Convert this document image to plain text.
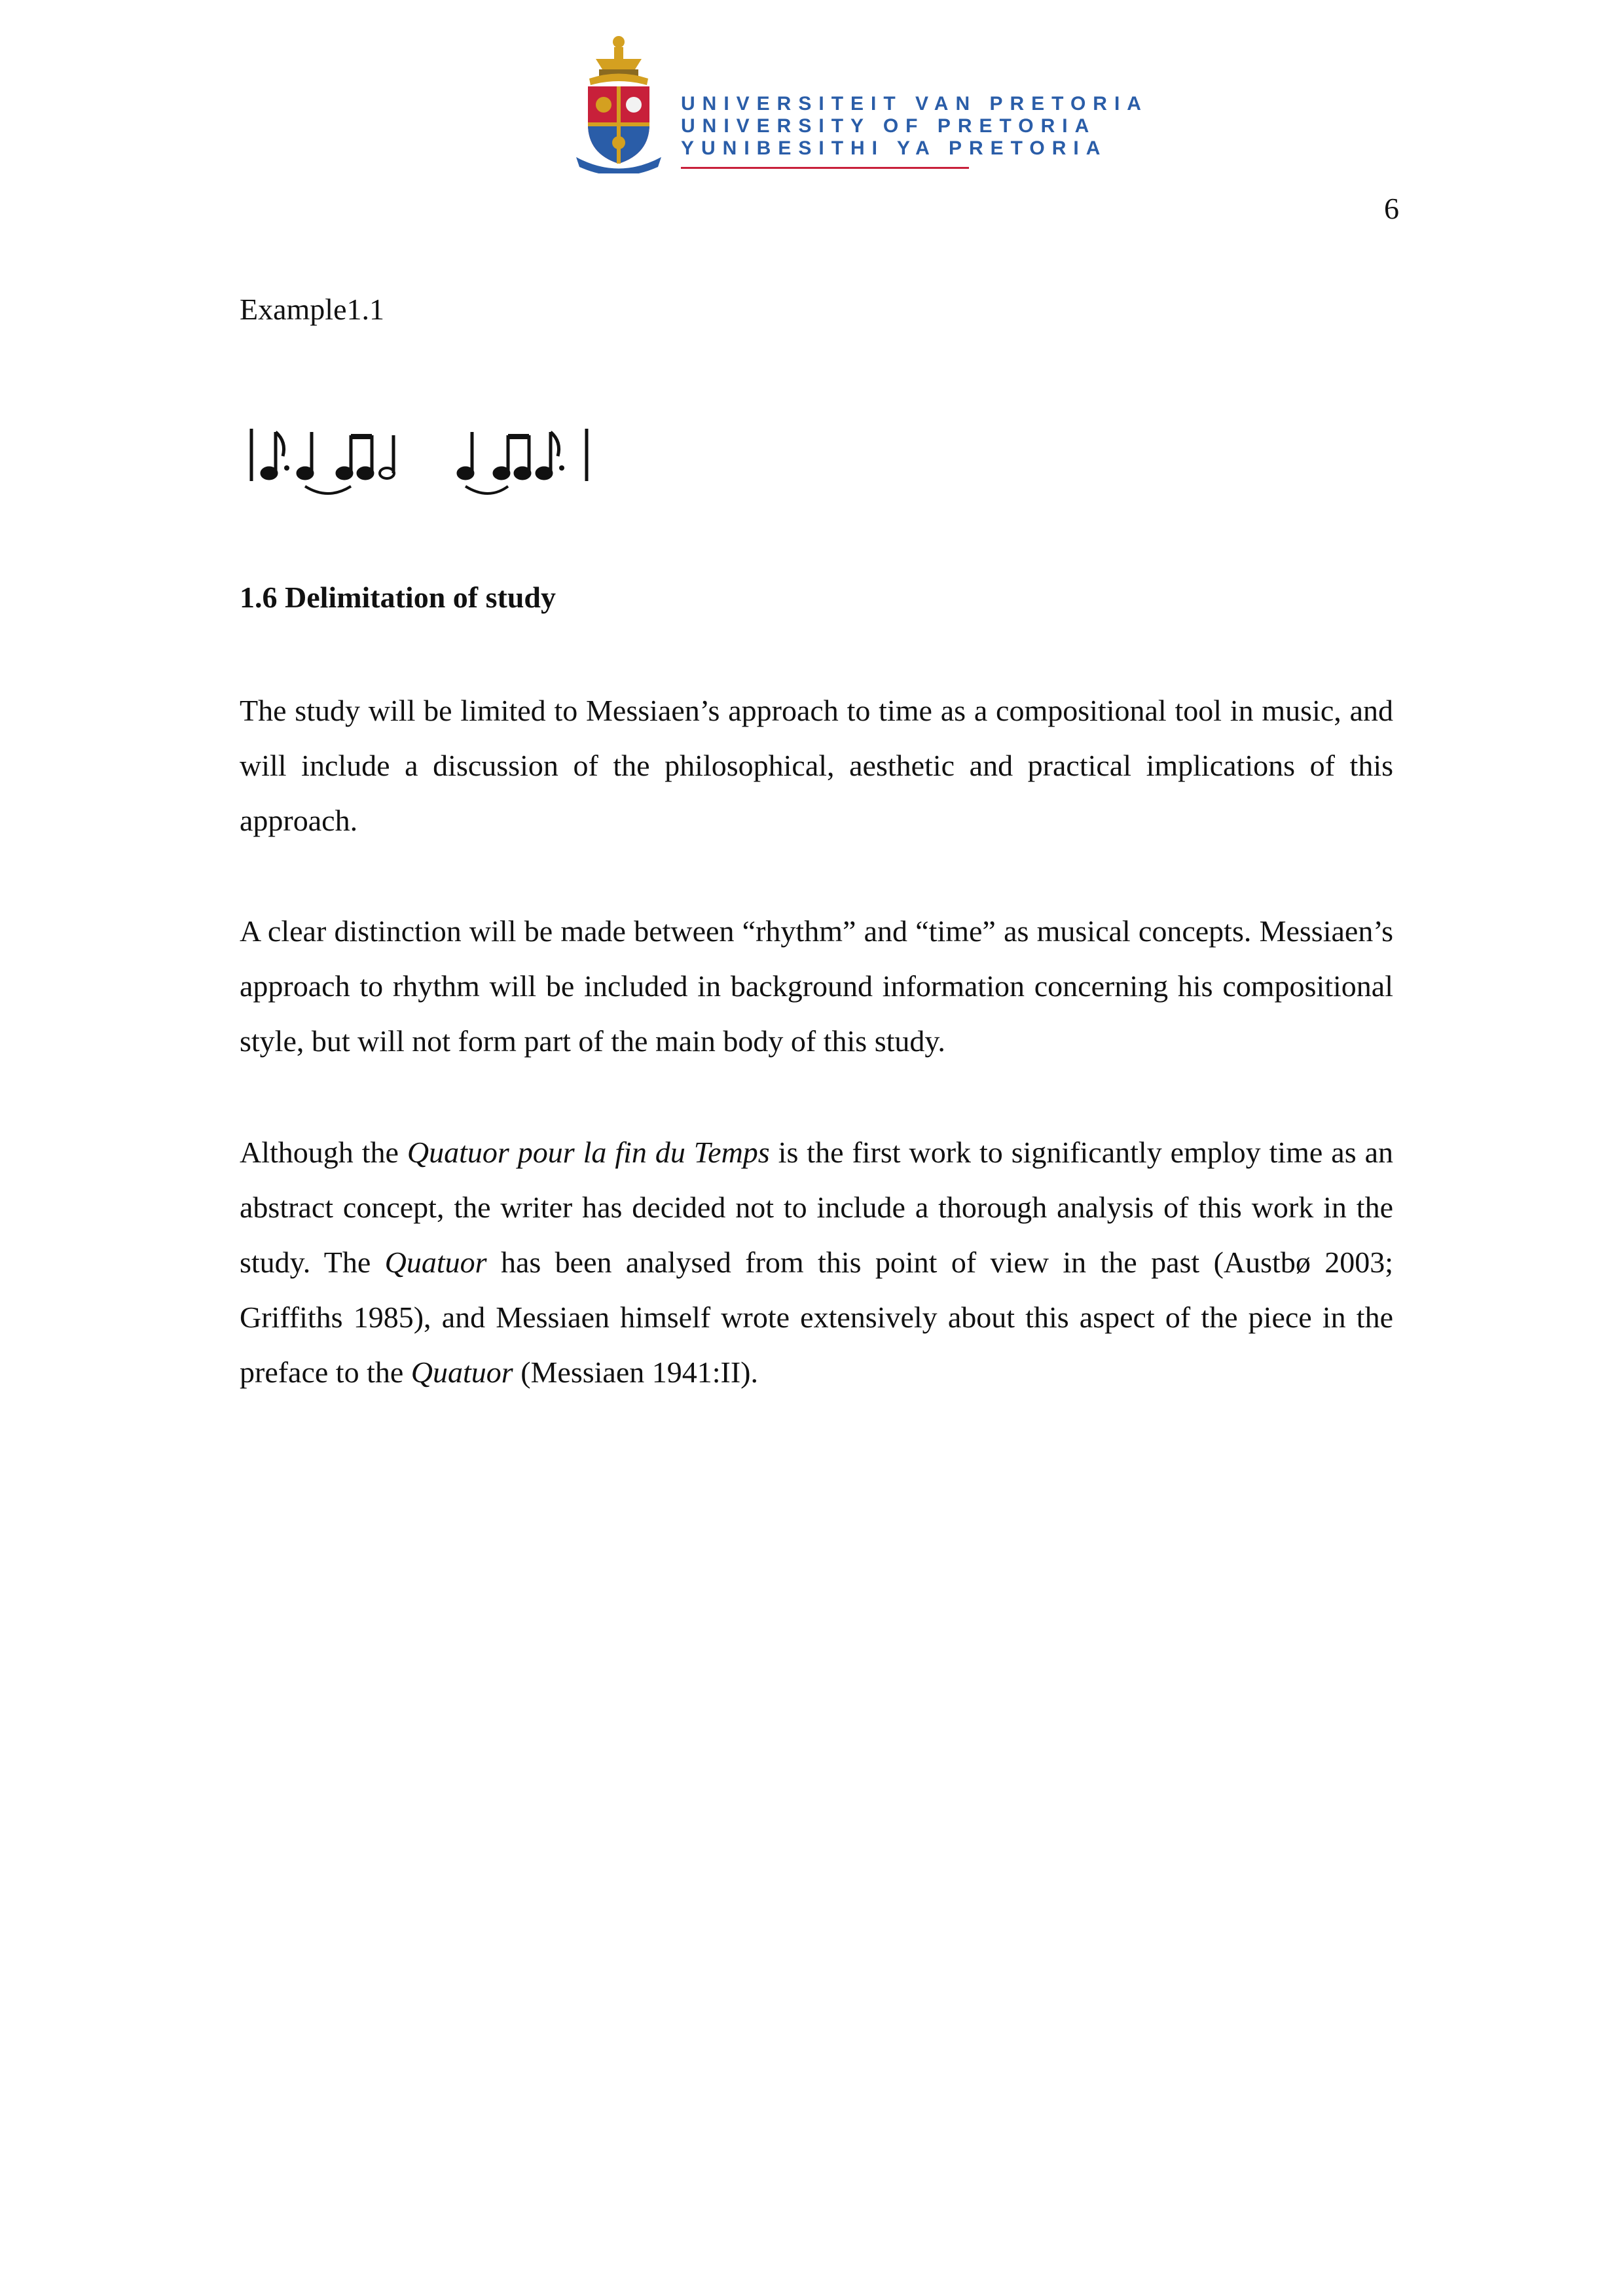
UNIVERSITEIT VAN PRETORIA
UNIVERSITY OF PRETORIA
YUNIBESITHI YA PRETORIA
6
Example1.1
1.6 Delimitation of study

The study will be limited to Messiaen’s approach to time as a compositional tool in music, and will include a discussion of the philosophical, aesthetic and practical implications of this approach.

A clear distinction will be made between “rhythm” and “time” as musical concepts. Messiaen’s approach to rhythm will be included in background information concerning his compositional style, but will not form part of the main body of this study.

Although the Quatuor pour la fin du Temps is the first work to significantly employ time as an abstract concept, the writer has decided not to include a thorough analysis of this work in the study. The Quatuor has been analysed from this point of view in the past (Austbø 2003; Griffiths 1985), and Messiaen himself wrote extensively about this aspect of the piece in the preface to the Quatuor (Messiaen 1941:II).
